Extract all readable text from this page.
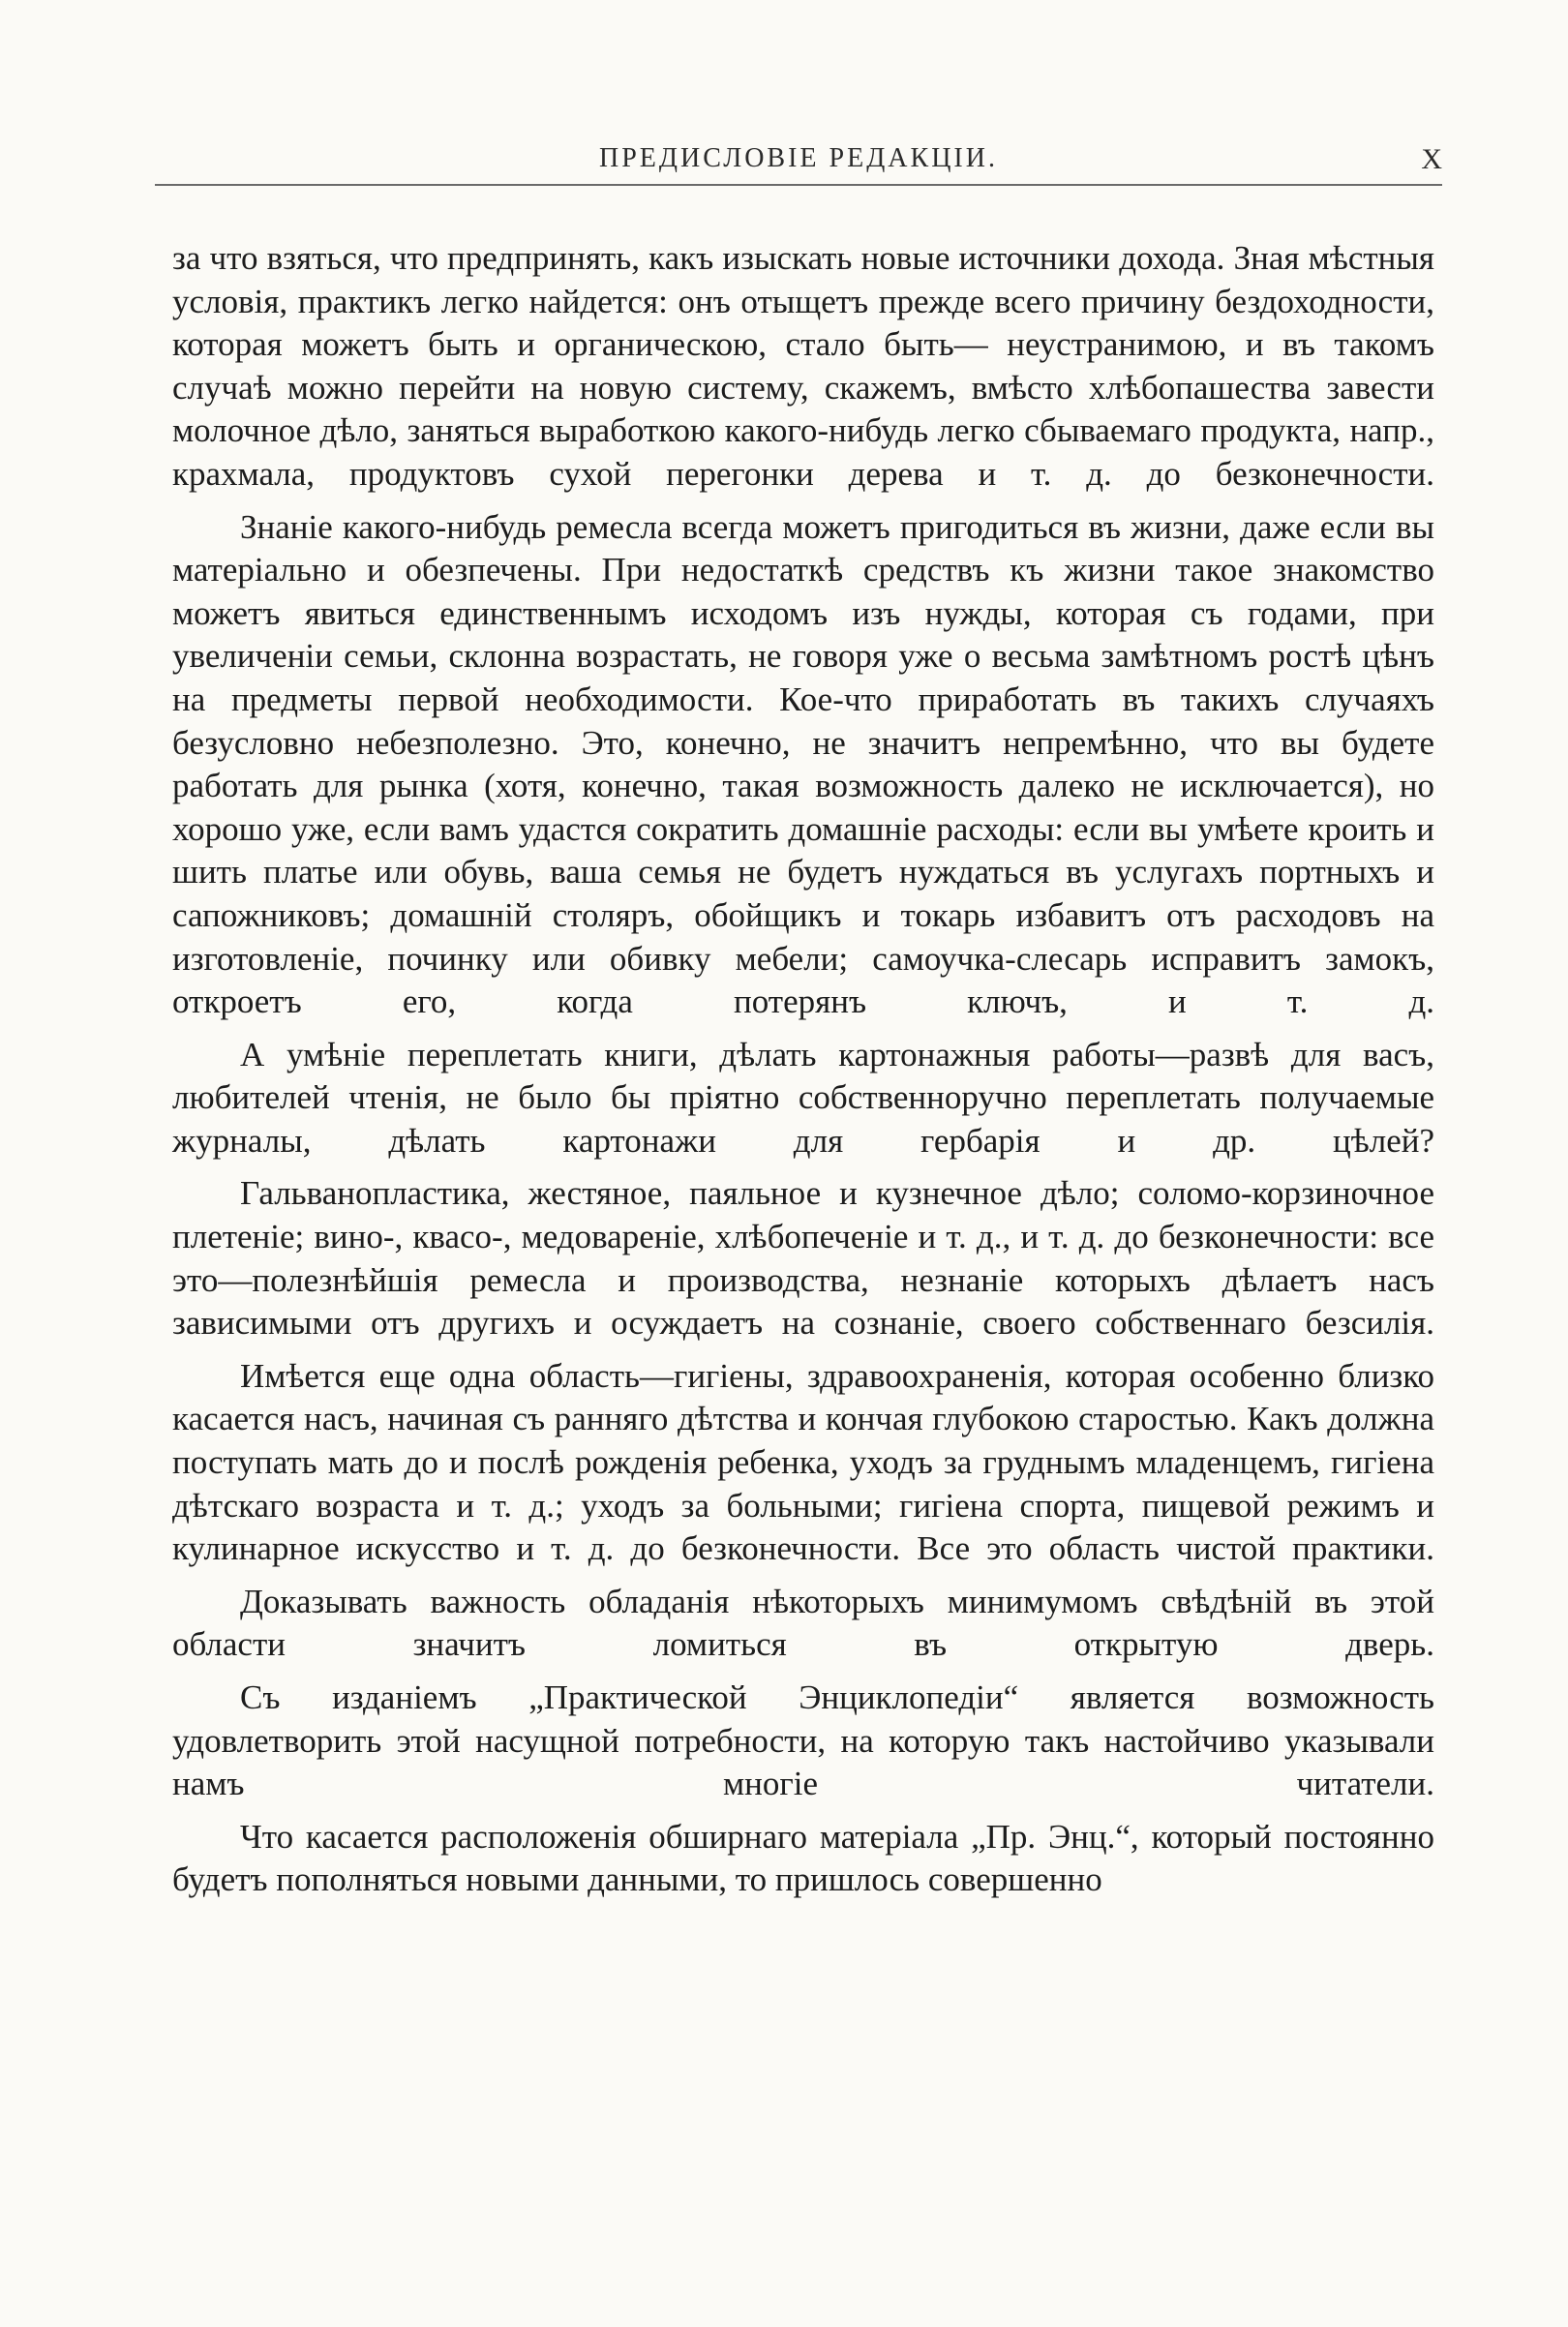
ПРЕДИСЛОВІЕ РЕДАКЦІИ.	X

за что взяться, что предпринять, какъ изыскать новые источники дохода. Зная мѣстныя условія, практикъ легко найдется: онъ отыщетъ прежде всего причину бездоходности, которая можетъ быть и органическою, стало быть— неустранимою, и въ такомъ случаѣ можно перейти на новую систему, скажемъ, вмѣсто хлѣбопашества завести молочное дѣло, заняться выработкою какого-нибудь легко сбываемаго продукта, напр., крахмала, продуктовъ сухой перегонки дерева и т. д. до безконечности.

Знаніе какого-нибудь ремесла всегда можетъ пригодиться въ жизни, даже если вы матеріально и обезпечены. При недостаткѣ средствъ къ жизни такое знакомство можетъ явиться единственнымъ исходомъ изъ нужды, которая съ годами, при увеличеніи семьи, склонна возрастать, не говоря уже о весьма замѣтномъ ростѣ цѣнъ на предметы первой необходимости. Кое-что приработать въ такихъ случаяхъ безусловно небезполезно. Это, конечно, не значитъ непремѣнно, что вы будете работать для рынка (хотя, конечно, такая возможность далеко не исключается), но хорошо уже, если вамъ удастся сократить домашніе расходы: если вы умѣете кроить и шить платье или обувь, ваша семья не будетъ нуждаться въ услугахъ портныхъ и сапожниковъ; домашній столяръ, обойщикъ и токарь избавитъ отъ расходовъ на изготовленіе, починку или обивку мебели; самоучка-слесарь исправитъ замокъ, откроетъ его, когда потерянъ ключъ, и т. д.

А умѣніе переплетать книги, дѣлать картонажныя работы—развѣ для васъ, любителей чтенія, не было бы пріятно собственноручно переплетать получаемые журналы, дѣлать картонажи для гербарія и др. цѣлей?

Гальванопластика, жестяное, паяльное и кузнечное дѣло; соломо-корзиночное плетеніе; вино-, квасо-, медовареніе, хлѣбопеченіе и т. д., и т. д. до безконечности: все это—полезнѣйшія ремесла и производства, незнаніе которыхъ дѣлаетъ насъ зависимыми отъ другихъ и осуждаетъ на сознаніе, своего собственнаго безсилія.

Имѣется еще одна область—гигіены, здравоохраненія, которая особенно близко касается насъ, начиная съ ранняго дѣтства и кончая глубокою старостью. Какъ должна поступать мать до и послѣ рожденія ребенка, уходъ за груднымъ младенцемъ, гигіена дѣтскаго возраста и т. д.; уходъ за больными; гигіена спорта, пищевой режимъ и кулинарное искусство и т. д. до безконечности. Все это область чистой практики.

Доказывать важность обладанія нѣкоторыхъ минимумомъ свѣдѣній въ этой области значитъ ломиться въ открытую дверь.

Съ изданіемъ „Практической Энциклопедіи“ является возможность удовлетворить этой насущной потребности, на которую такъ настойчиво указывали намъ многіе читатели.

Что касается расположенія обширнаго матеріала „Пр. Энц.“, который постоянно будетъ пополняться новыми данными, то пришлось совершенно
